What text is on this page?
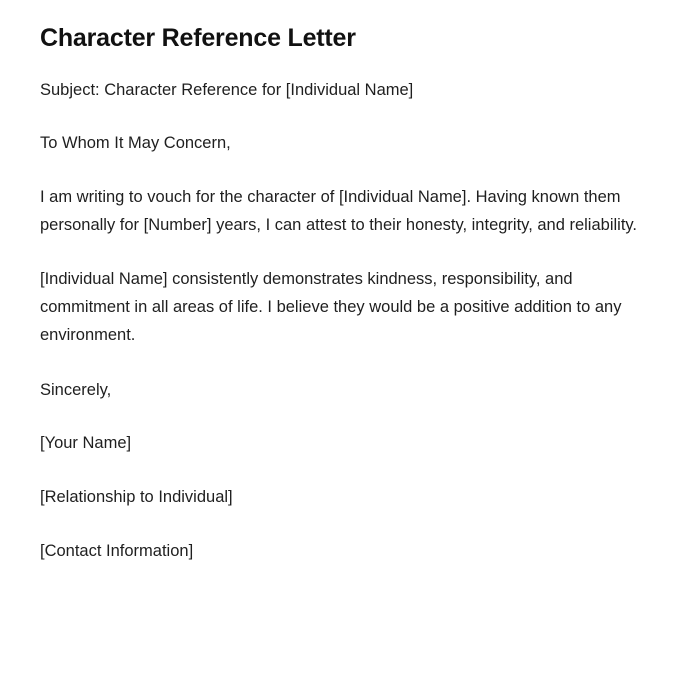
Character Reference Letter

Subject: Character Reference for [Individual Name]

To Whom It May Concern,

I am writing to vouch for the character of [Individual Name]. Having known them personally for [Number] years, I can attest to their honesty, integrity, and reliability.

[Individual Name] consistently demonstrates kindness, responsibility, and commitment in all areas of life. I believe they would be a positive addition to any environment.

Sincerely,

[Your Name]

[Relationship to Individual]

[Contact Information]
